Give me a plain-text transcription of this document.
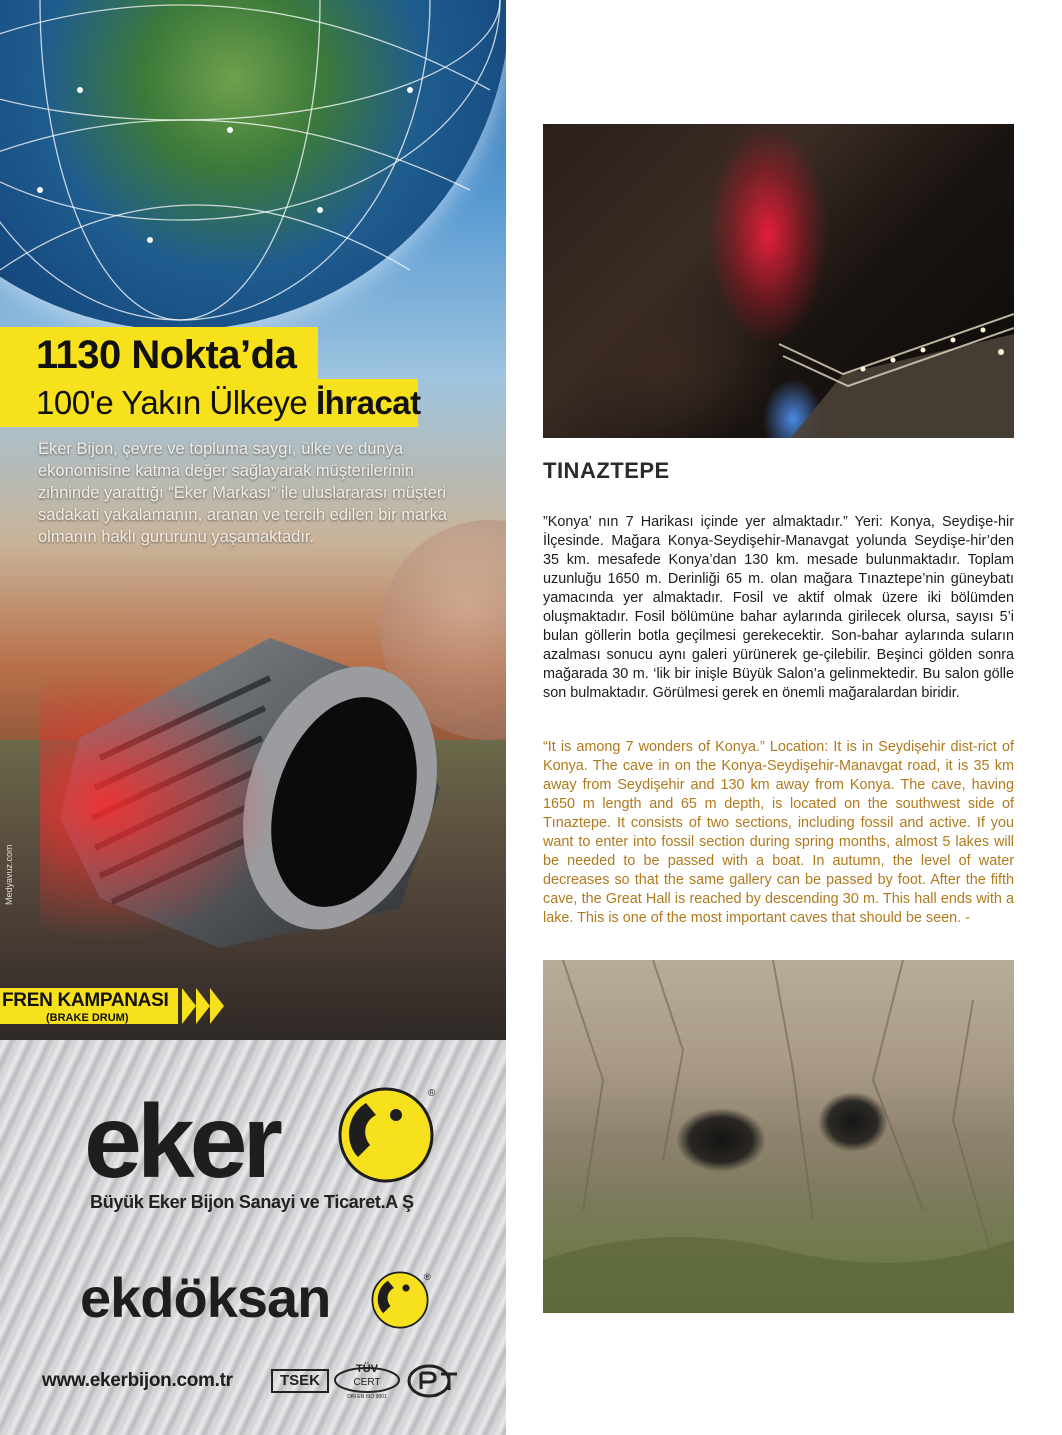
1130 Nokta’da
100'e Yakın Ülkeye İhracat
Eker Bijon, çevre ve topluma saygı, ülke ve dünya ekonomisine katma değer sağlayarak müşterilerinin zihninde yarattığı “Eker Markası” ile uluslararası müşteri sadakati yakalamanın, aranan ve tercih edilen bir marka olmanın haklı gururunu yaşamaktadır.
Medyavuz.com
FREN KAMPANASI
(BRAKE DRUM)
eker	®
Büyük Eker Bijon Sanayi ve Ticaret.A Ş
ekdöksan	®
www.ekerbijon.com.tr	TSEK
TÜV
CERT
DIN EN ISO 9001	PCT
TINAZTEPE
”Konya’ nın 7 Harikası içinde yer almaktadır.” Yeri: Konya, Seydişe-hir İlçesinde. Mağara Konya-Seydişehir-Manavgat yolunda Seydişe-hir’den 35 km. mesafede Konya’dan 130 km. mesade bulunmaktadır. Toplam uzunluğu 1650 m. Derinliği 65 m. olan mağara Tınaztepe’nin güneybatı yamacında yer almaktadır. Fosil ve aktif olmak üzere iki bölümden oluşmaktadır. Fosil bölümüne bahar aylarında girilecek olursa, sayısı 5’i bulan göllerin botla geçilmesi gerekecektir. Son-bahar aylarında suların azalması sonucu aynı galeri yürünerek ge-çilebilir. Beşinci gölden sonra mağarada 30 m. ‘lik bir inişle Büyük Salon’a gelinmektedir. Bu salon gölle son bulmaktadır. Görülmesi gerek en önemli mağaralardan biridir.
“It is among 7 wonders of Konya.” Location: It is in Seydişehir dist-rict of Konya. The cave in on the Konya-Seydişehir-Manavgat road, it is 35 km away from Seydişehir and 130 km away from Konya. The cave, having 1650 m length and 65 m depth, is located on the southwest side of Tınaztepe. It consists of two sections, including fossil and active. If you want to enter into fossil section during spring months, almost 5 lakes will be needed to be passed with a boat. In autumn, the level of water decreases so that the same gallery can be passed by foot. After the fifth cave, the Great Hall is reached by descending 30 m. This hall ends with a lake. This is one of the most important caves that should be seen. -
